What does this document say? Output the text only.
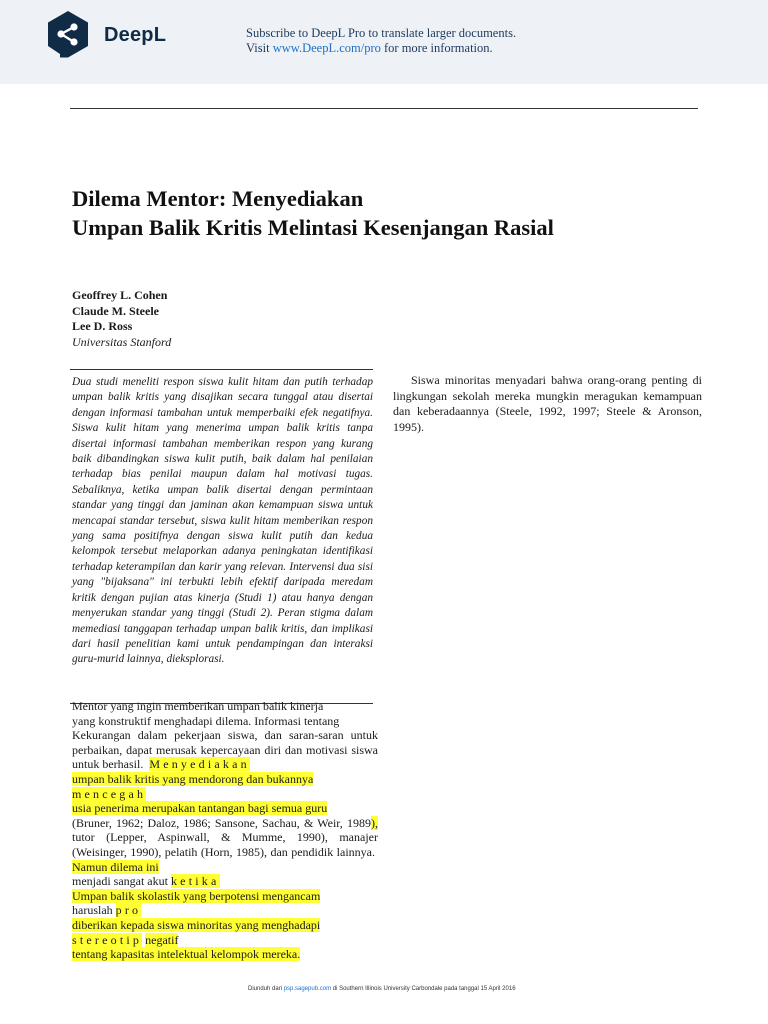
DeepL	Subscribe to DeepL Pro to translate larger documents.
Visit www.DeepL.com/pro for more information.
Dilema Mentor: Menyediakan
Umpan Balik Kritis Melintasi Kesenjangan Rasial
Geoffrey L. Cohen
Claude M. Steele
Lee D. Ross
Universitas Stanford

Dua studi meneliti respon siswa kulit hitam dan putih terhadap umpan balik kritis yang disajikan secara tunggal atau disertai dengan informasi tambahan untuk memperbaiki efek negatifnya. Siswa kulit hitam yang menerima umpan balik kritis tanpa disertai informasi tambahan memberikan respon yang kurang baik dibandingkan siswa kulit putih, baik dalam hal penilaian terhadap bias penilai maupun dalam hal motivasi tugas. Sebaliknya, ketika umpan balik disertai dengan permintaan standar yang tinggi dan jaminan akan kemampuan siswa untuk mencapai standar tersebut, siswa kulit hitam memberikan respon yang sama positifnya dengan siswa kulit putih dan kedua kelompok tersebut melaporkan adanya peningkatan identifikasi terhadap keterampilan dan karir yang relevan. Intervensi dua sisi yang "bijaksana" ini terbukti lebih efektif daripada meredam kritik dengan pujian atas kinerja (Studi 1) atau hanya dengan menyerukan standar yang tinggi (Studi 2). Peran stigma dalam memediasi tanggapan terhadap umpan balik kritis, dan implikasi dari hasil penelitian kami untuk pendampingan dan interaksi guru-murid lainnya, dieksplorasi.

Mentor yang ingin memberikan umpan balik kinerja

yang konstruktif menghadapi dilema. Informasi tentang

Kekurangan dalam pekerjaan siswa, dan saran-saran untuk perbaikan, dapat merusak kepercayaan diri dan motivasi siswa untuk berhasil. Menyediakan

umpan balik kritis yang mendorong dan bukannya

mencegah

usia penerima merupakan tantangan bagi semua guru

(Bruner, 1962; Daloz, 1986; Sansone, Sachau, & Weir, 1989), tutor (Lepper, Aspinwall, & Mumme, 1990), manajer (Weisinger, 1990), pelatih (Horn, 1985), dan pendidik lainnya.  Namun dilema ini

menjadi sangat akut ketika

Umpan balik skolastik yang berpotensi mengancam

haruslah pro

diberikan kepada siswa minoritas yang menghadapi

stereotip negatif

tentang kapasitas intelektual kelompok mereka.

Siswa minoritas menyadari bahwa orang-orang penting di lingkungan sekolah mereka mungkin meragukan kemampuan dan keberadaannya (Steele, 1992, 1997; Steele & Aronson, 1995).

Diunduh dari psp.sagepub.com di Southern Illinois University Carbondale pada tanggal 15 April 2016
